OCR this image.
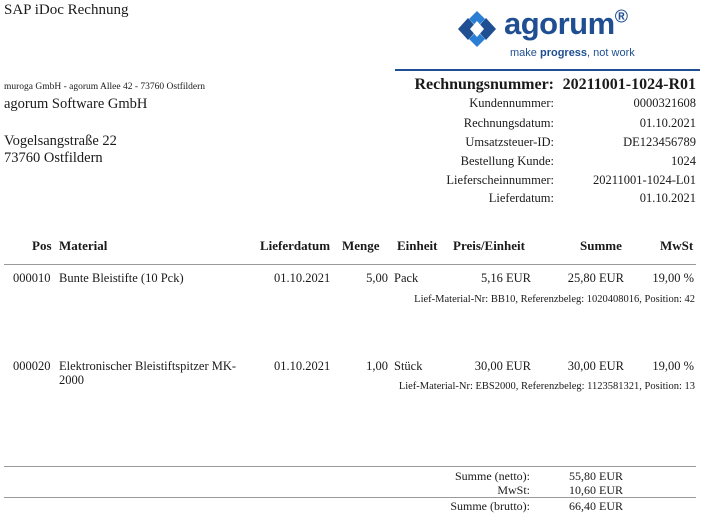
SAP iDoc Rechnung	agorum®
make progress, not work
muroga GmbH - agorum Allee 42 - 73760 Ostfildern
agorum Software GmbH
Vogelsangstraße 22
73760 Ostfildern
Rechnungsnummer: 20211001-1024-R01
Kundennummer:	0000321608
Rechnungsdatum:	01.10.2021
Umsatzsteuer-ID:	DE123456789
Bestellung Kunde:	1024
Lieferscheinnummer:	20211001-1024-L01
Lieferdatum:	01.10.2021
Pos Material	Lieferdatum Menge Einheit Preis/Einheit	Summe	MwSt
000010 Bunte Bleistifte (10 Pck)	01.10.2021	5,00 Pack	5,16 EUR	25,80 EUR 19,00 %
Lief-Material-Nr: BB10, Referenzbeleg: 1020408016, Position: 42
000020 Elektronischer Bleistiftspitzer MK-
2000
01.10.2021	1,00 Stück	30,00 EUR	30,00 EUR 19,00 %
Lief-Material-Nr: EBS2000, Referenzbeleg: 1123581321, Position: 13
Summe (netto):	55,80 EUR
MwSt:	10,60 EUR
Summe (brutto):	66,40 EUR
